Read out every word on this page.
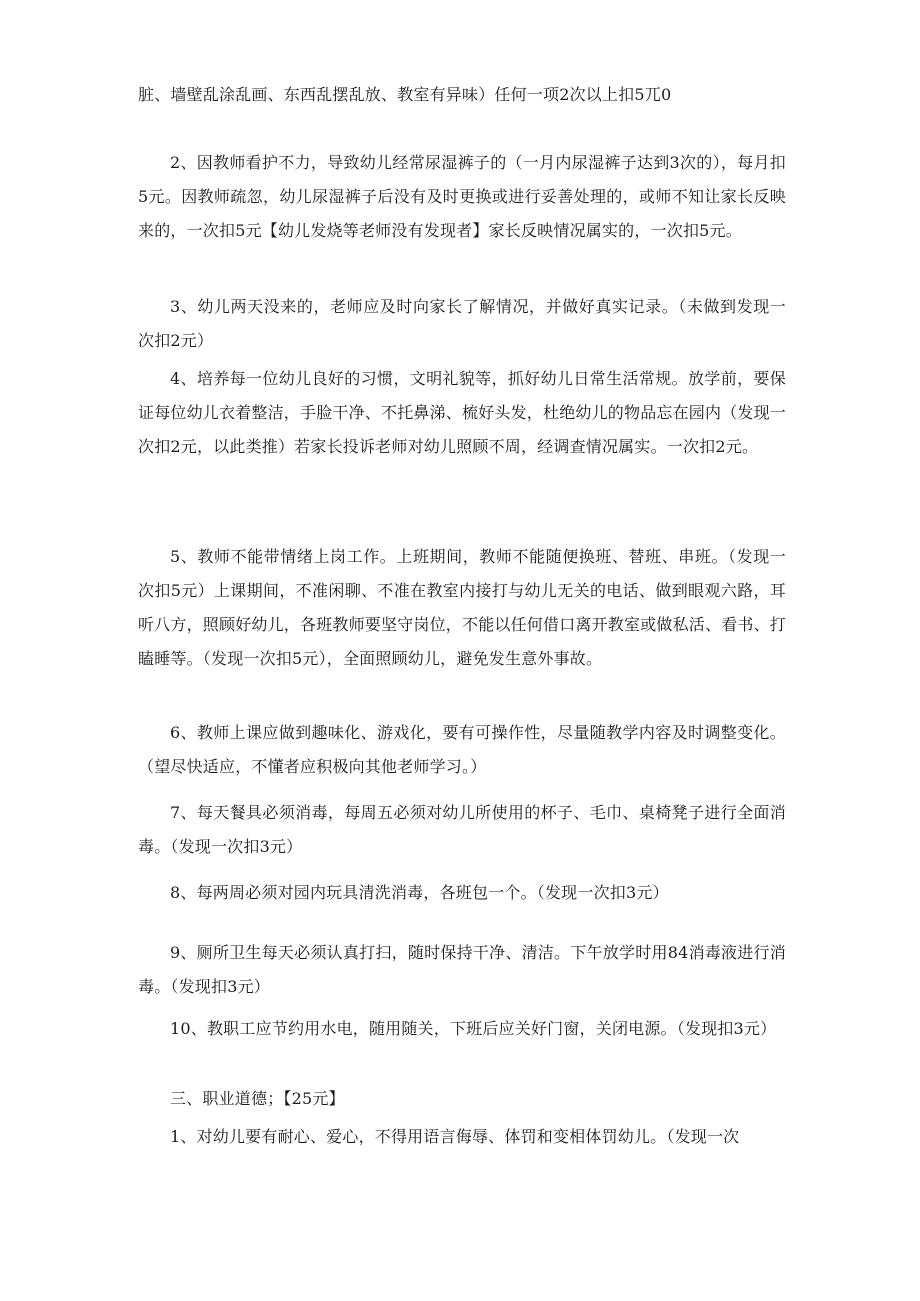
脏、墙壁乱涂乱画、东西乱摆乱放、教室有异味）任何一项2次以上扣5兀0

2、因教师看护不力，导致幼儿经常尿湿裤子的（一月内尿湿裤子达到3次的），每月扣5元。因教师疏忽，幼儿尿湿裤子后没有及时更换或进行妥善处理的，或师不知让家长反映来的，一次扣5元【幼儿发烧等老师没有发现者】家长反映情况属实的，一次扣5元。

3、幼儿两天没来的，老师应及时向家长了解情况，并做好真实记录。（未做到发现一次扣2元）

4、培养每一位幼儿良好的习惯，文明礼貌等，抓好幼儿日常生活常规。放学前，要保证每位幼儿衣着整洁，手脸干净、不托鼻涕、梳好头发，杜绝幼儿的物品忘在园内（发现一次扣2元，以此类推）若家长投诉老师对幼儿照顾不周，经调查情况属实。一次扣2元。

5、教师不能带情绪上岗工作。上班期间，教师不能随便换班、替班、串班。（发现一次扣5元）上课期间，不准闲聊、不准在教室内接打与幼儿无关的电话、做到眼观六路，耳听八方，照顾好幼儿，各班教师要坚守岗位，不能以任何借口离开教室或做私活、看书、打瞌睡等。（发现一次扣5元），全面照顾幼儿，避免发生意外事故。

6、教师上课应做到趣味化、游戏化，要有可操作性，尽量随教学内容及时调整变化。（望尽快适应，不懂者应积极向其他老师学习。）

7、每天餐具必须消毒，每周五必须对幼儿所使用的杯子、毛巾、桌椅凳子进行全面消毒。（发现一次扣3元）

8、每两周必须对园内玩具清洗消毒，各班包一个。（发现一次扣3元）

9、厕所卫生每天必须认真打扫，随时保持干净、清洁。下午放学时用84消毒液进行消毒。（发现扣3元）

10、教职工应节约用水电，随用随关，下班后应关好门窗，关闭电源。（发现扣3元）

三、职业道德；【25元】

1、对幼儿要有耐心、爱心，不得用语言侮辱、体罚和变相体罚幼儿。（发现一次
